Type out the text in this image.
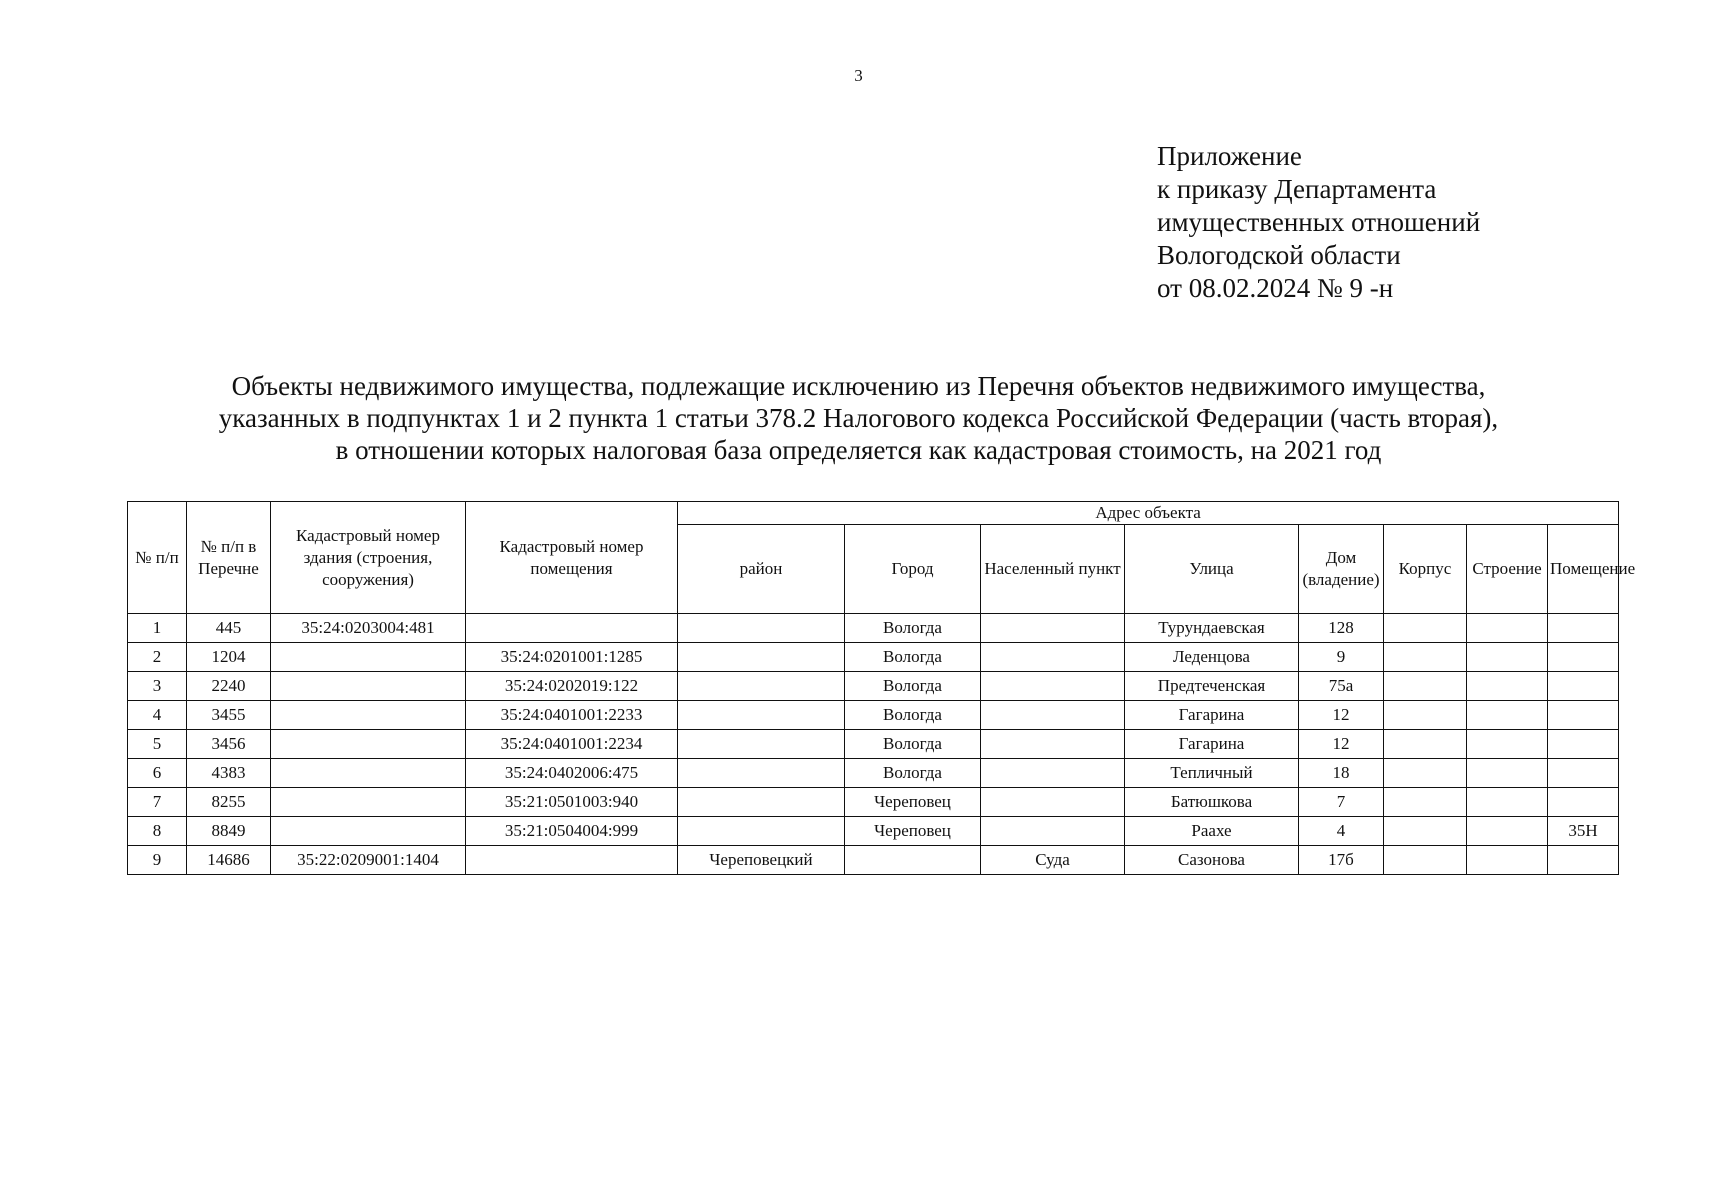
3
Приложение
к приказу Департамента
имущественных отношений
Вологодской области
от 08.02.2024 № 9 -н
Объекты недвижимого имущества, подлежащие исключению из Перечня объектов недвижимого имущества,
указанных в подпунктах 1 и 2 пункта 1 статьи 378.2 Налогового кодекса Российской Федерации (часть вторая),
в отношении которых налоговая база определяется как кадастровая стоимость, на 2021 год
№ п/п	№ п/п в Перечне	Кадастровый номер здания (строения, сооружения)	Кадастровый номер помещения	Адрес объекта							
				район	Город	Населенный пункт	Улица	Дом (владение)	Корпус	Строение	Помещение
1	445	35:24:0203004:481			Вологда		Турундаевская	128			
2	1204		35:24:0201001:1285		Вологда		Леденцова	9			
3	2240		35:24:0202019:122		Вологда		Предтеченская	75а			
4	3455		35:24:0401001:2233		Вологда		Гагарина	12			
5	3456		35:24:0401001:2234		Вологда		Гагарина	12			
6	4383		35:24:0402006:475		Вологда		Тепличный	18			
7	8255		35:21:0501003:940		Череповец		Батюшкова	7			
8	8849		35:21:0504004:999		Череповец		Раахе	4			35Н
9	14686	35:22:0209001:1404		Череповецкий		Суда	Сазонова	17б			
